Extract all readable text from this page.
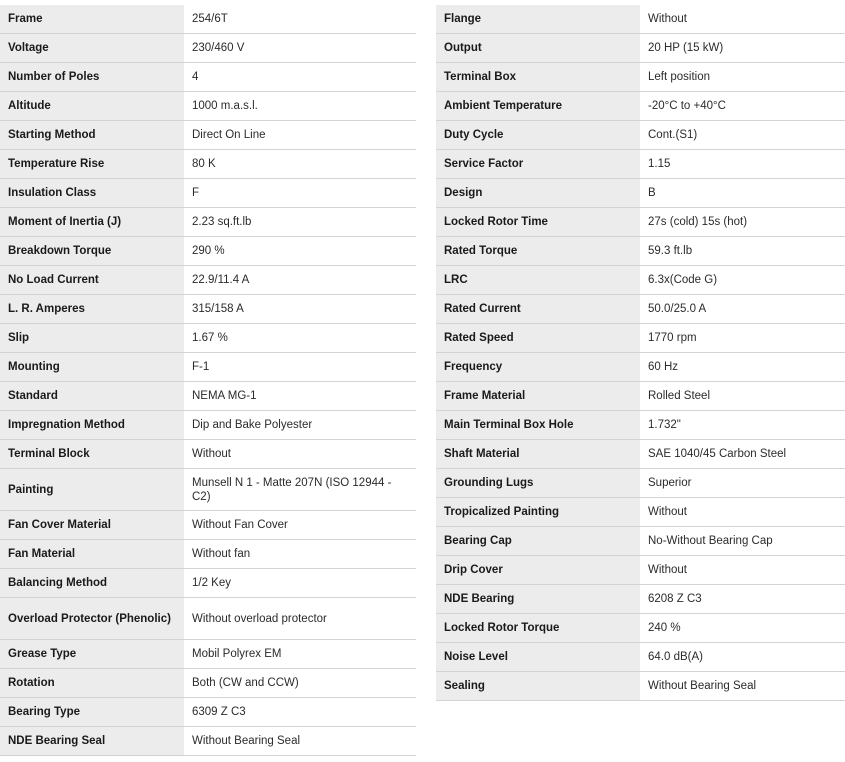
Frame	254/6T
Voltage	230/460 V
Number of Poles	4
Altitude	1000 m.a.s.l.
Starting Method	Direct On Line
Temperature Rise	80 K
Insulation Class	F
Moment of Inertia (J)	2.23 sq.ft.lb
Breakdown Torque	290 %
No Load Current	22.9/11.4 A
L. R. Amperes	315/158 A
Slip	1.67 %
Mounting	F-1
Standard	NEMA MG-1
Impregnation Method	Dip and Bake Polyester
Terminal Block	Without
Painting	Munsell N 1 - Matte 207N (ISO 12944 - C2)
Fan Cover Material	Without Fan Cover
Fan Material	Without fan
Balancing Method	1/2 Key
Overload Protector (Phenolic)	Without overload protector
Grease Type	Mobil Polyrex EM
Rotation	Both (CW and CCW)
Bearing Type	6309 Z C3
NDE Bearing Seal	Without Bearing Seal
Flange	Without
Output	20 HP (15 kW)
Terminal Box	Left position
Ambient Temperature	-20°C to +40°C
Duty Cycle	Cont.(S1)
Service Factor	1.15
Design	B
Locked Rotor Time	27s (cold) 15s (hot)
Rated Torque	59.3 ft.lb
LRC	6.3x(Code G)
Rated Current	50.0/25.0 A
Rated Speed	1770 rpm
Frequency	60 Hz
Frame Material	Rolled Steel
Main Terminal Box Hole	1.732"
Shaft Material	SAE 1040/45 Carbon Steel
Grounding Lugs	Superior
Tropicalized Painting	Without
Bearing Cap	No-Without Bearing Cap
Drip Cover	Without
NDE Bearing	6208 Z C3
Locked Rotor Torque	240 %
Noise Level	64.0 dB(A)
Sealing	Without Bearing Seal
